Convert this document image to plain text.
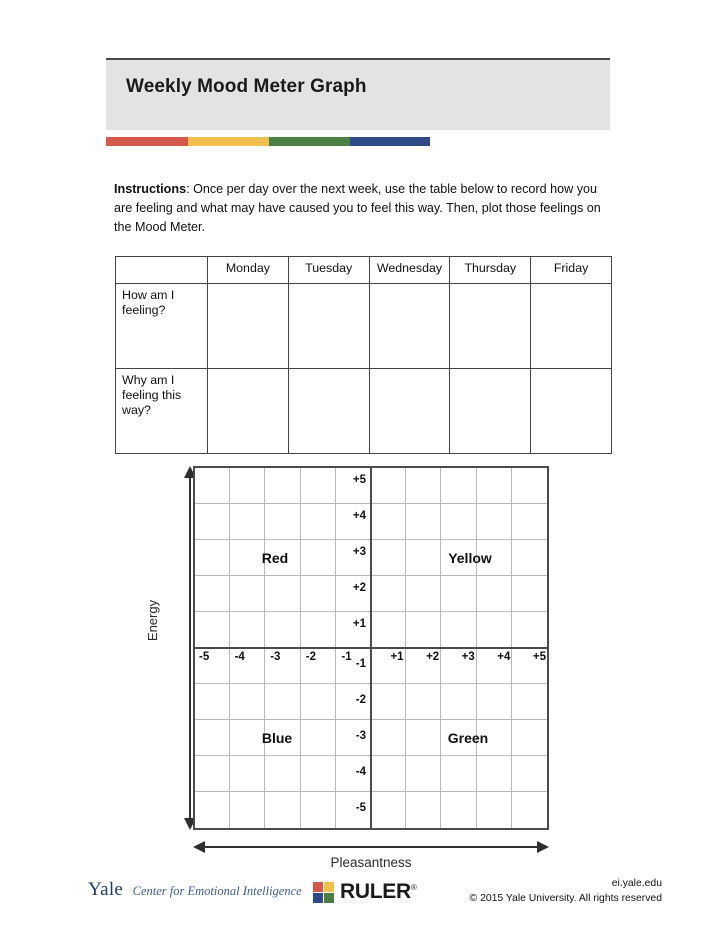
Weekly Mood Meter Graph
Instructions: Once per day over the next week, use the table below to record how you are feeling and what may have caused you to feel this way. Then, plot those feelings on the Mood Meter.
	Monday	Tuesday	Wednesday	Thursday	Friday
How am I feeling?					
Why am I feeling this way?					
Energy
+5
+4
+3
+2
+1
-1
-2
-3
-4
-5
-5	-4	-3	-2	-1	+1	+2	+3	+4	+5
Red	Yellow
Blue	Green
Pleasantness
Yale Center for Emotional Intelligence RULER®	ei.yale.edu
© 2015 Yale University. All rights reserved
